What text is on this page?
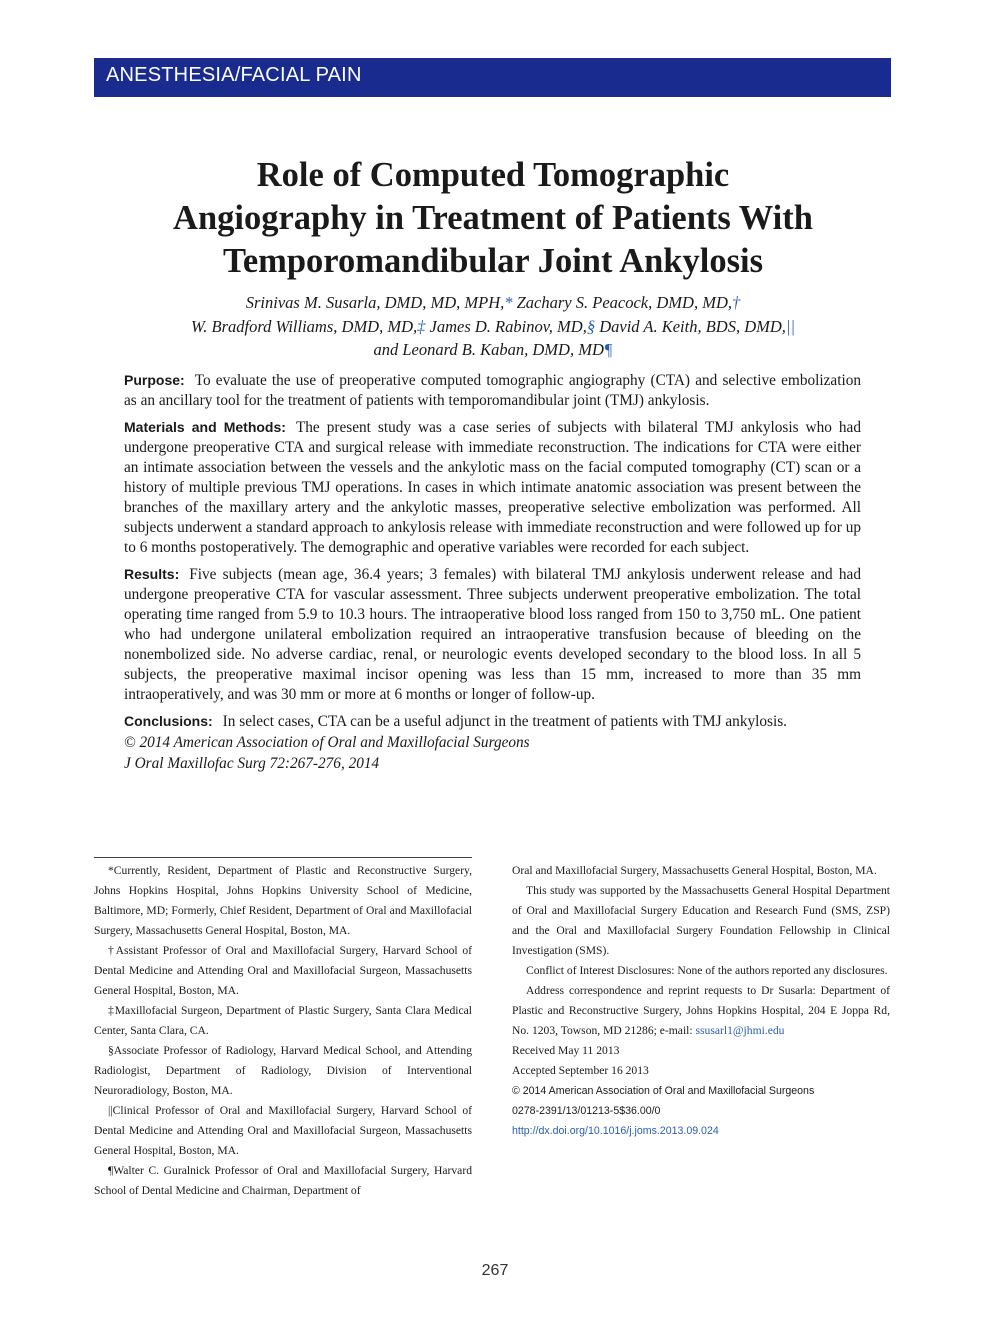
ANESTHESIA/FACIAL PAIN
Role of Computed Tomographic
Angiography in Treatment of Patients With
Temporomandibular Joint Ankylosis
Srinivas M. Susarla, DMD, MD, MPH,* Zachary S. Peacock, DMD, MD,†
W. Bradford Williams, DMD, MD,‡ James D. Rabinov, MD,§ David A. Keith, BDS, DMD,||
and Leonard B. Kaban, DMD, MD¶

Purpose: To evaluate the use of preoperative computed tomographic angiography (CTA) and selective embolization as an ancillary tool for the treatment of patients with temporomandibular joint (TMJ) ankylosis.

Materials and Methods: The present study was a case series of subjects with bilateral TMJ ankylosis who had undergone preoperative CTA and surgical release with immediate reconstruction. The indications for CTA were either an intimate association between the vessels and the ankylotic mass on the facial computed tomography (CT) scan or a history of multiple previous TMJ operations. In cases in which intimate anatomic association was present between the branches of the maxillary artery and the ankylotic masses, preoperative selective embolization was performed. All subjects underwent a standard approach to ankylosis release with immediate reconstruction and were followed up for up to 6 months postoperatively. The demographic and operative variables were recorded for each subject.

Results: Five subjects (mean age, 36.4 years; 3 females) with bilateral TMJ ankylosis underwent release and had undergone preoperative CTA for vascular assessment. Three subjects underwent preoperative embolization. The total operating time ranged from 5.9 to 10.3 hours. The intraoperative blood loss ranged from 150 to 3,750 mL. One patient who had undergone unilateral embolization required an intraoperative transfusion because of bleeding on the nonembolized side. No adverse cardiac, renal, or neurologic events developed secondary to the blood loss. In all 5 subjects, the preoperative maximal incisor opening was less than 15 mm, increased to more than 35 mm intraoperatively, and was 30 mm or more at 6 months or longer of follow-up.

Conclusions: In select cases, CTA can be a useful adjunct in the treatment of patients with TMJ ankylosis.

© 2014 American Association of Oral and Maxillofacial Surgeons
J Oral Maxillofac Surg 72:267-276, 2014

*Currently, Resident, Department of Plastic and Reconstructive Surgery, Johns Hopkins Hospital, Johns Hopkins University School of Medicine, Baltimore, MD; Formerly, Chief Resident, Department of Oral and Maxillofacial Surgery, Massachusetts General Hospital, Boston, MA.

†Assistant Professor of Oral and Maxillofacial Surgery, Harvard School of Dental Medicine and Attending Oral and Maxillofacial Surgeon, Massachusetts General Hospital, Boston, MA.

‡Maxillofacial Surgeon, Department of Plastic Surgery, Santa Clara Medical Center, Santa Clara, CA.

§Associate Professor of Radiology, Harvard Medical School, and Attending Radiologist, Department of Radiology, Division of Interventional Neuroradiology, Boston, MA.

||Clinical Professor of Oral and Maxillofacial Surgery, Harvard School of Dental Medicine and Attending Oral and Maxillofacial Surgeon, Massachusetts General Hospital, Boston, MA.

¶Walter C. Guralnick Professor of Oral and Maxillofacial Surgery, Harvard School of Dental Medicine and Chairman, Department of

Oral and Maxillofacial Surgery, Massachusetts General Hospital, Boston, MA.

This study was supported by the Massachusetts General Hospital Department of Oral and Maxillofacial Surgery Education and Research Fund (SMS, ZSP) and the Oral and Maxillofacial Surgery Foundation Fellowship in Clinical Investigation (SMS).

Conflict of Interest Disclosures: None of the authors reported any disclosures.

Address correspondence and reprint requests to Dr Susarla: Department of Plastic and Reconstructive Surgery, Johns Hopkins Hospital, 204 E Joppa Rd, No. 1203, Towson, MD 21286; e-mail: ssusarl1@jhmi.edu

Received May 11 2013

Accepted September 16 2013

© 2014 American Association of Oral and Maxillofacial Surgeons

0278-2391/13/01213-5$36.00/0

http://dx.doi.org/10.1016/j.joms.2013.09.024

267
